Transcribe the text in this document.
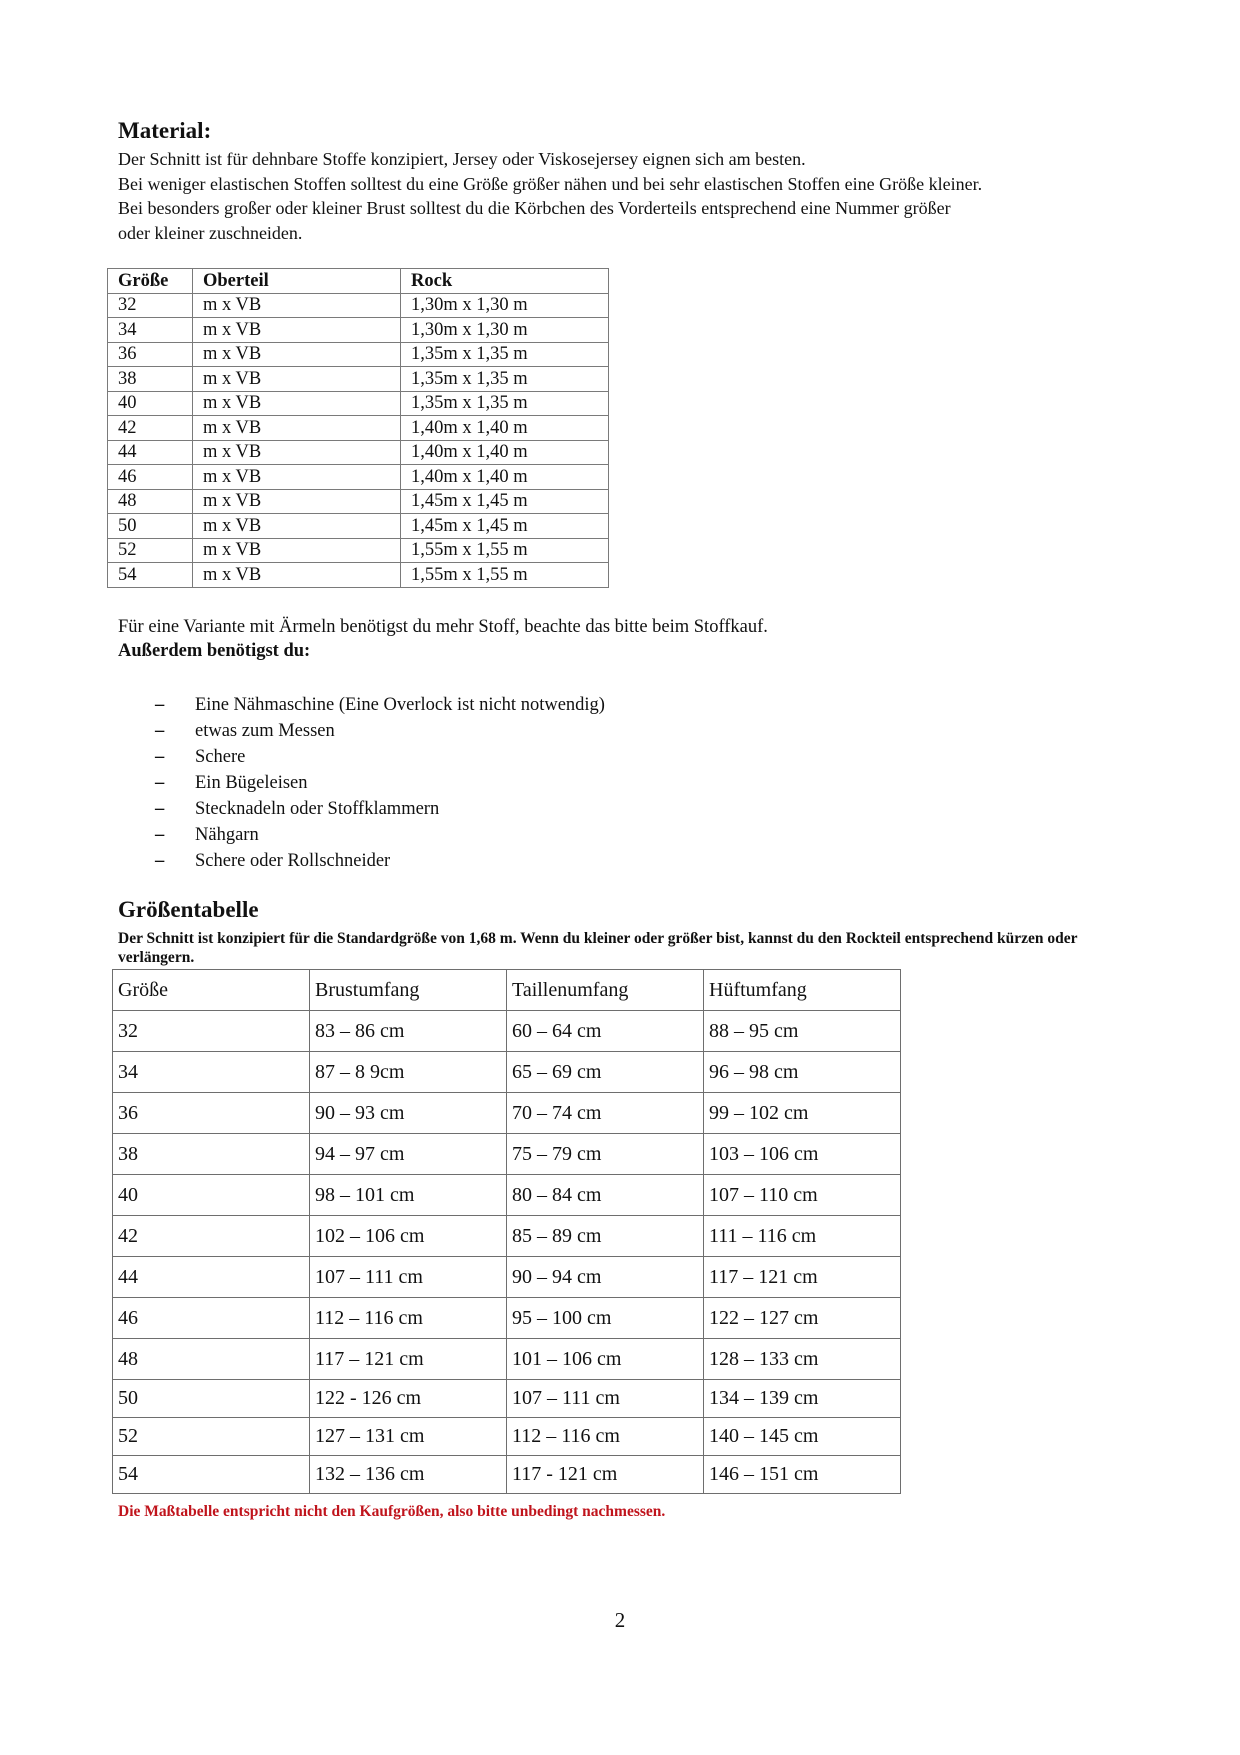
Material:

Der Schnitt ist für dehnbare Stoffe konzipiert, Jersey oder Viskosejersey eignen sich am besten.

Bei weniger elastischen Stoffen solltest du eine Größe größer nähen und bei sehr elastischen Stoffen eine Größe kleiner.

Bei besonders großer oder kleiner Brust solltest du die Körbchen des Vorderteils entsprechend eine Nummer größer

oder kleiner zuschneiden.

Größe	Oberteil	Rock
32	m x VB	1,30m x 1,30 m
34	m x VB	1,30m x 1,30 m
36	m x VB	1,35m x 1,35 m
38	m x VB	1,35m x 1,35 m
40	m x VB	1,35m x 1,35 m
42	m x VB	1,40m x 1,40 m
44	m x VB	1,40m x 1,40 m
46	m x VB	1,40m x 1,40 m
48	m x VB	1,45m x 1,45 m
50	m x VB	1,45m x 1,45 m
52	m x VB	1,55m x 1,55 m
54	m x VB	1,55m x 1,55 m

Für eine Variante mit Ärmeln benötigst du mehr Stoff, beachte das bitte beim Stoffkauf.

Außerdem benötigst du:

–	Eine Nähmaschine (Eine Overlock ist nicht notwendig)
–	etwas zum Messen
–	Schere
–	Ein Bügeleisen
–	Stecknadeln oder Stoffklammern
–	Nähgarn
–	Schere oder Rollschneider
Größentabelle

Der Schnitt ist konzipiert für die Standardgröße von 1,68 m. Wenn du kleiner oder größer bist, kannst du den Rockteil entsprechend kürzen oder verlängern.

Größe	Brustumfang	Taillenumfang	Hüftumfang
32	83 – 86 cm	60 – 64 cm	88 – 95 cm
34	87 – 8 9cm	65 – 69 cm	96 – 98 cm
36	90 – 93 cm	70 – 74 cm	99 – 102 cm
38	94 – 97 cm	75 – 79 cm	103 – 106 cm
40	98 – 101 cm	80 – 84 cm	107 – 110 cm
42	102 – 106 cm	85 – 89 cm	111 – 116 cm
44	107 – 111 cm	90 – 94 cm	117 – 121 cm
46	112 – 116 cm	95 – 100 cm	122 – 127 cm
48	117 – 121 cm	101 – 106 cm	128 – 133 cm
50	122 - 126 cm	107 – 111 cm	134 – 139 cm
52	127 – 131 cm	112 – 116 cm	140 – 145 cm
54	132 – 136 cm	117 - 121 cm	146 – 151 cm

Die Maßtabelle entspricht nicht den Kaufgrößen, also bitte unbedingt nachmessen.

2
